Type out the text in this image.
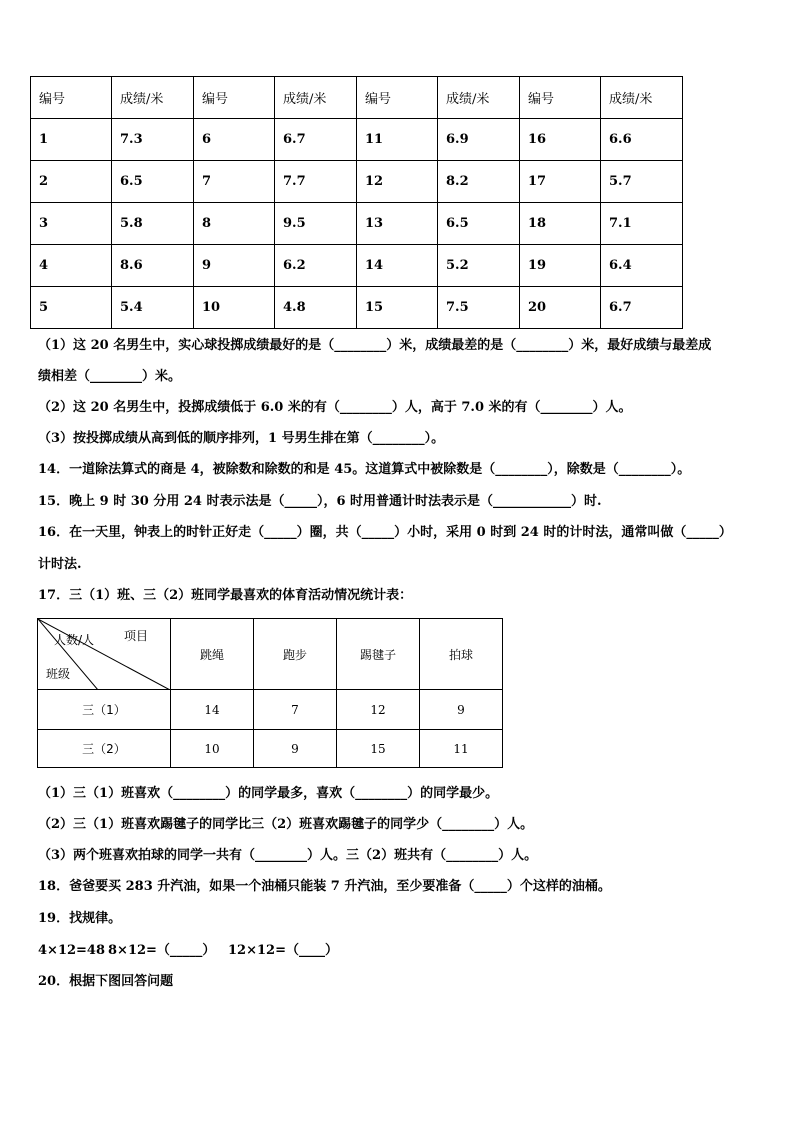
编号	成绩/米	编号	成绩/米	编号	成绩/米	编号	成绩/米
1	7.3	6	6.7	11	6.9	16	6.6
2	6.5	7	7.7	12	8.2	17	5.7
3	5.8	8	9.5	13	6.5	18	7.1
4	8.6	9	6.2	14	5.2	19	6.4
5	5.4	10	4.8	15	7.5	20	6.7
（1）这 20 名男生中，实心球投掷成绩最好的是（________）米，成绩最差的是（________）米，最好成绩与最差成
绩相差（________）米。
（2）这 20 名男生中，投掷成绩低于 6.0 米的有（________）人，高于 7.0 米的有（________）人。
（3）按投掷成绩从高到低的顺序排列，1 号男生排在第（________）。
14．一道除法算式的商是 4，被除数和除数的和是 45。这道算式中被除数是（________），除数是（________）。
15．晚上 9 时 30 分用 24 时表示法是（_____），6 时用普通计时法表示是（____________）时.
16．在一天里，钟表上的时针正好走（_____）圈，共（_____）小时，采用 0 时到 24 时的计时法，通常叫做（_____）
计时法.
17．三（1）班、三（2）班同学最喜欢的体育活动情况统计表：
人数/人 项目
班级	跳绳	跑步	踢毽子	拍球
三（1）	14	7	12	9
三（2）	10	9	15	11
（1）三（1）班喜欢（________）的同学最多，喜欢（________）的同学最少。
（2）三（1）班喜欢踢毽子的同学比三（2）班喜欢踢毽子的同学少（________）人。
（3）两个班喜欢拍球的同学一共有（________）人。三（2）班共有（________）人。
18．爸爸要买 283 升汽油，如果一个油桶只能装 7 升汽油，至少要准备（_____）个这样的油桶。
19．找规律。
4×12=48 8×12=（_____） 12×12=（____）
20．根据下图回答问题
